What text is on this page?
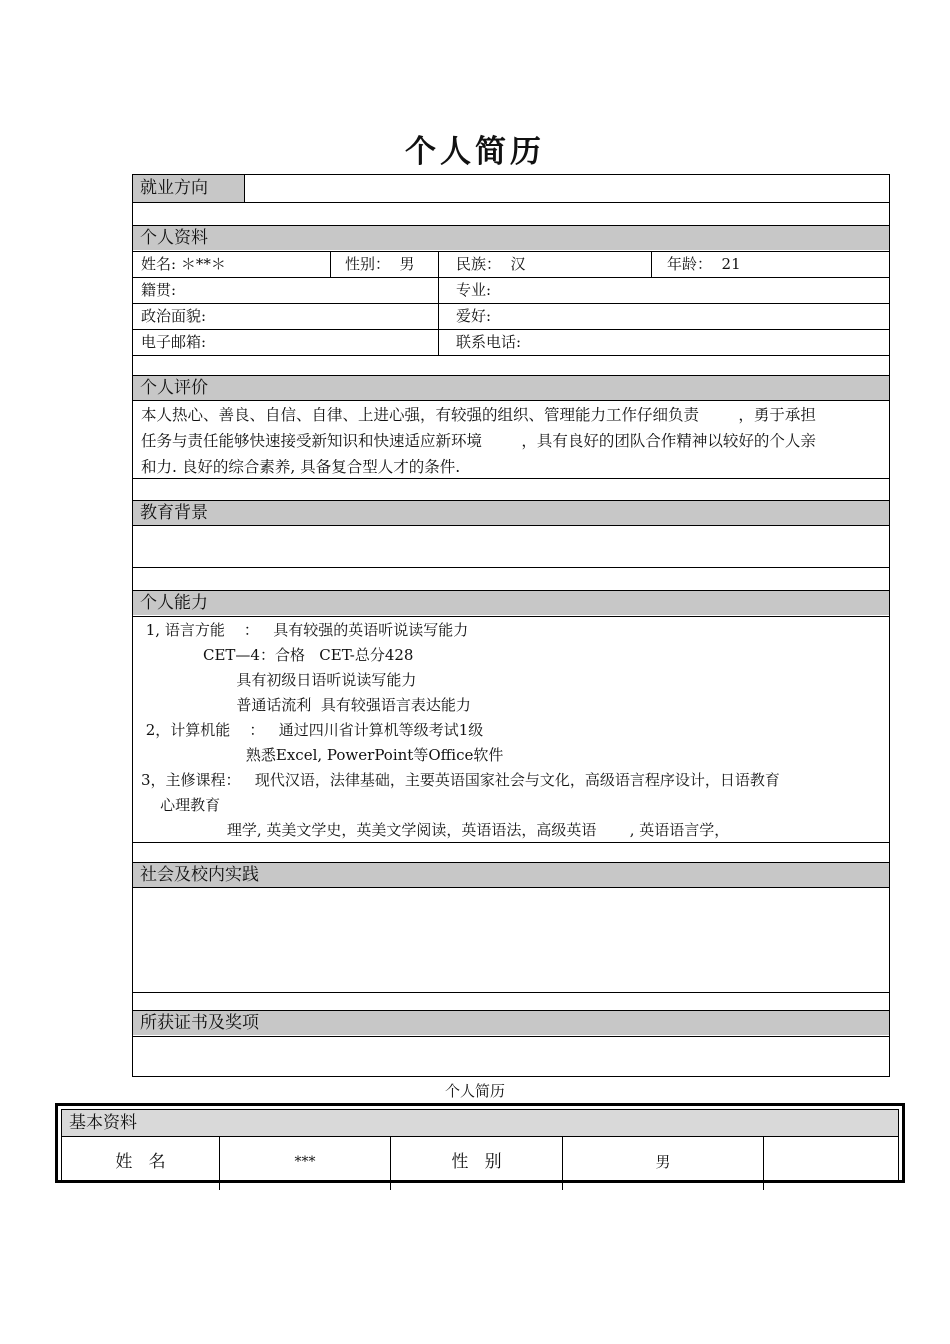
个人简历
就业方向
个人资料
姓名: ＊**＊	性别：  男	民族：  汉	年龄：  21
籍贯:	专业:
政治面貌:	爱好:
电子邮箱:	联系电话:
个人评价
本人热心、善良、自信、自律、上进心强，有较强的组织、管理能力工作仔细负责        ，勇于承担
任务与责任能够快速接受新知识和快速适应新环境        ，具有良好的团队合作精神以较好的个人亲
和力. 良好的综合素养, 具备复合型人才的条件.
教育背景
个人能力
1, 语言方能    ：   具有较强的英语听说读写能力
CET—4：合格   CET-总分428
具有初级日语听说读写能力
普通话流利  具有较强语言表达能力
2，计算机能    ：   通过四川省计算机等级考试1级
熟悉Excel, PowerPoint等Office软件
3，主修课程：   现代汉语，法律基础，主要英语国家社会与文化，高级语言程序设计，日语教育
心理教育
理学, 英美文学史，英美文学阅读，英语语法，高级英语       , 英语语言学，
社会及校内实践
所获证书及奖项
个人简历
基本资料
姓   名	***	性   别	男
